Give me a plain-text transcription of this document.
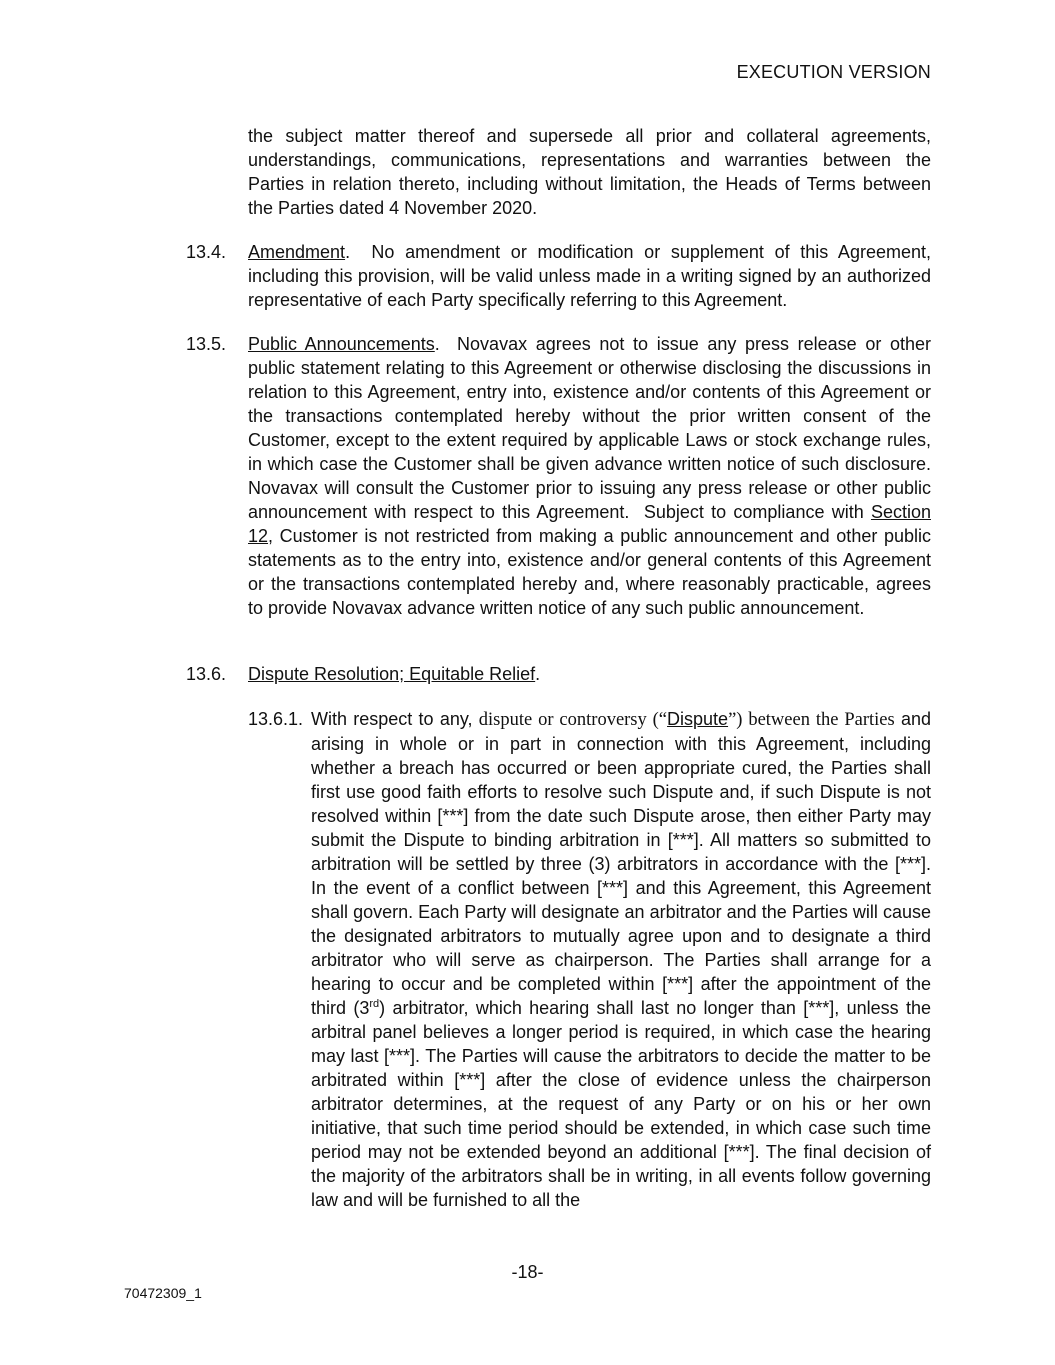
EXECUTION VERSION

the subject matter thereof and supersede all prior and collateral agreements, understandings, communications, representations and warranties between the Parties in relation thereto, including without limitation, the Heads of Terms between the Parties dated 4 November 2020.

13.4. Amendment.  No amendment or modification or supplement of this Agreement, including this provision, will be valid unless made in a writing signed by an authorized representative of each Party specifically referring to this Agreement.

13.5. Public Announcements.  Novavax agrees not to issue any press release or other public statement relating to this Agreement or otherwise disclosing the discussions in relation to this Agreement, entry into, existence and/or contents of this Agreement or the transactions contemplated hereby without the prior written consent of the Customer, except to the extent required by applicable Laws or stock exchange rules, in which case the Customer shall be given advance written notice of such disclosure.  Novavax will consult the Customer prior to issuing any press release or other public announcement with respect to this Agreement.  Subject to compliance with Section 12, Customer is not restricted from making a public announcement and other public statements as to the entry into, existence and/or general contents of this Agreement or the transactions contemplated hereby and, where reasonably practicable, agrees to provide Novavax advance written notice of any such public announcement.

13.6. Dispute Resolution; Equitable Relief.

13.6.1. With respect to any, dispute or controversy (“Dispute”) between the Parties and arising in whole or in part in connection with this Agreement, including whether a breach has occurred or been appropriate cured, the Parties shall first use good faith efforts to resolve such Dispute and, if such Dispute is not resolved within [***] from the date such Dispute arose, then either Party may submit the Dispute to binding arbitration in [***]. All matters so submitted to arbitration will be settled by three (3) arbitrators in accordance with the [***]. In the event of a conflict between [***] and this Agreement, this Agreement shall govern. Each Party will designate an arbitrator and the Parties will cause the designated arbitrators to mutually agree upon and to designate a third arbitrator who will serve as chairperson. The Parties shall arrange for a hearing to occur and be completed within [***] after the appointment of the third (3rd) arbitrator, which hearing shall last no longer than [***], unless the arbitral panel believes a longer period is required, in which case the hearing may last [***]. The Parties will cause the arbitrators to decide the matter to be arbitrated within [***] after the close of evidence unless the chairperson arbitrator determines, at the request of any Party or on his or her own initiative, that such time period should be extended, in which case such time period may not be extended beyond an additional [***]. The final decision of the majority of the arbitrators shall be in writing, in all events follow governing law and will be furnished to all the

-18-
70472309_1
